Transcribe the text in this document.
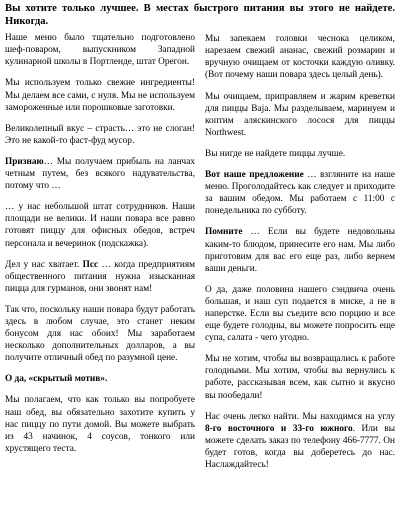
Вы хотите только лучшее. В местах быстрого питания вы этого не найдете. Никогда.

Наше меню было тщательно подготовлено шеф-поваром, выпускником Западной кулинарной школы в Портленде, штат Орегон.

Мы используем только свежие ингредиенты! Мы делаем все сами, с нуля. Мы не используем замороженные или порошковые заготовки.

Великолепный вкус – страсть… это не слоган! Это не какой-то фаст-фуд мусор.

Признаю… Мы получаем прибыль на ланчах четным путем, без всякого надувательства, потому что …

… у нас небольшой штат сотрудников. Наши площади не велики. И наши повара все равно готовят пиццу для офисных обедов, встреч персонала и вечеринок (подскажка).

Дел у нас хватает. Псс … когда предприятиям общественного питания нужна изысканная пицца для гурманов, они звонят нам!

Так что, поскольку наши повара будут работать здесь в любом случае, это станет неким бонусом для нас обоих! Мы заработаем несколько дополнительных долларов, а вы получите отличный обед по разумной цене.

О да, «скрытый мотив».

Мы полагаем, что как только вы попробуете наш обед, вы обязательно захотите купить у нас пиццу по пути домой. Вы можете выбрать из 43 начинок, 4 соусов, тонкого или хрустящего теста.

Мы запекаем головки чеснока целиком, нарезаем свежий ананас, свежий розмарин и вручную очищаем от косточки каждую оливку. (Вот почему наши повара здесь целый день).

Мы очищаем, приправляем и жарим креветки для пиццы Baja. Мы разделываем, маринуем и коптим аляскинского лосося для пиццы Northwest.

Вы нигде не найдете пиццы лучше.

Вот наше предложение … взгляните на наше меню. Проголодайтесь как следует и приходите за вашим обедом. Мы работаем с 11:00 с понедельника по субботу.

Помните … Если вы будете недовольны каким-то блюдом, принесите его нам. Мы либо приготовим для вас его еще раз, либо вернем ваши деньги.

О да, даже половина нашего сэндвича очень большая, и наш суп подается в миске, а не в наперстке. Если вы съедите всю порцию и все еще будете голодны, вы можете попросить еще супа, салата - чего угодно.

Мы не хотим, чтобы вы возвращались к работе голодными. Мы хотим, чтобы вы вернулись к работе, рассказывая всем, как сытно и вкусно вы пообедали!

Нас очень легко найти. Мы находимся на углу 8-го восточного и 33-го южного. Или вы можете сделать заказ по телефону 466-7777. Он будет готов, когда вы доберетесь до нас. Наслаждайтесь!
